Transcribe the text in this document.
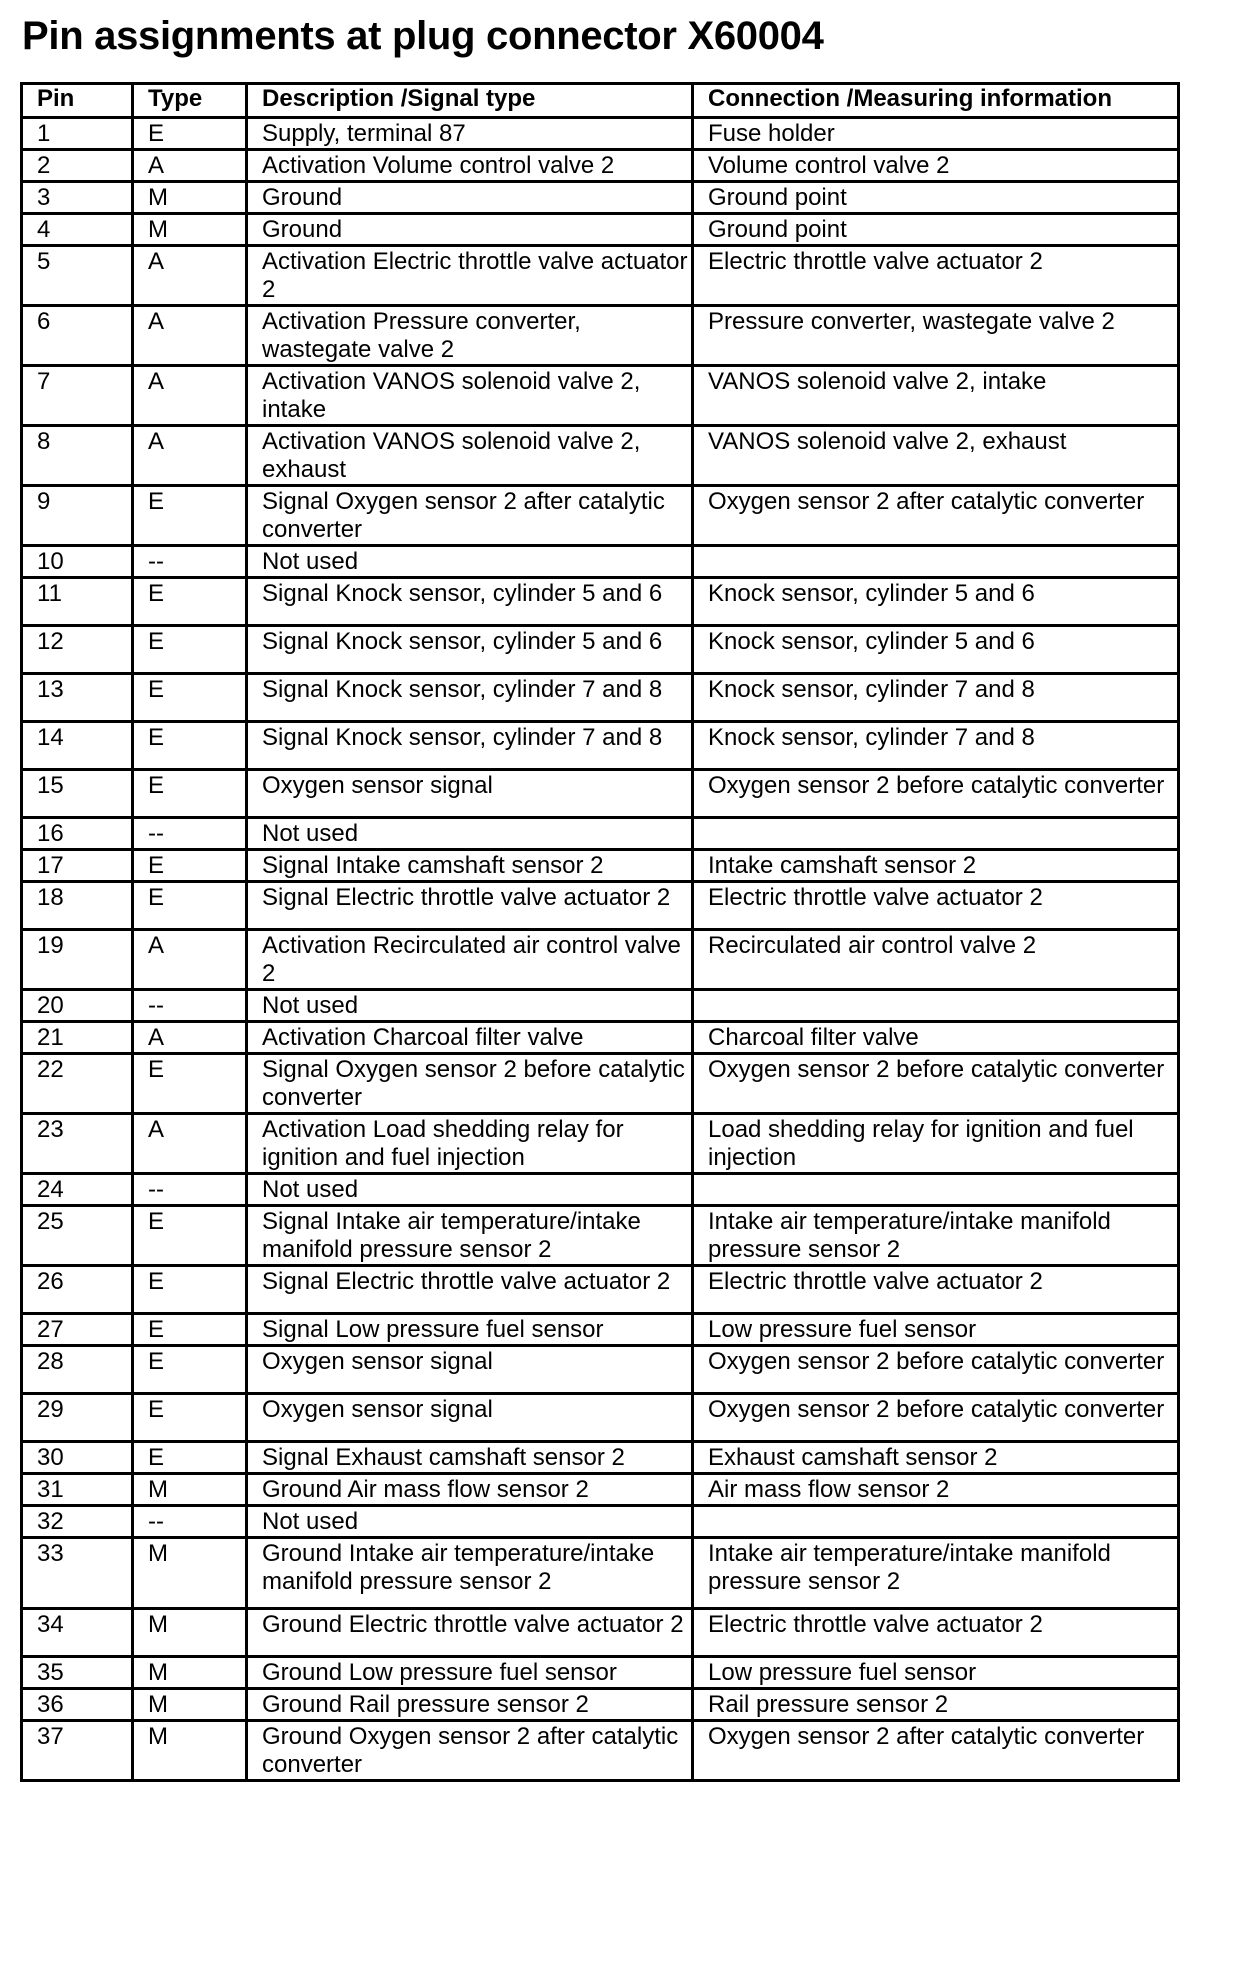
Pin assignments at plug connector X60004
Pin	Type	Description /Signal type	Connection /Measuring information
1	E	Supply, terminal 87	Fuse holder
2	A	Activation Volume control valve 2	Volume control valve 2
3	M	Ground	Ground point
4	M	Ground	Ground point
5	A	Activation Electric throttle valve actuator 2	Electric throttle valve actuator 2
6	A	Activation Pressure converter, wastegate valve 2	Pressure converter, wastegate valve 2
7	A	Activation VANOS solenoid valve 2, intake	VANOS solenoid valve 2, intake
8	A	Activation VANOS solenoid valve 2, exhaust	VANOS solenoid valve 2, exhaust
9	E	Signal Oxygen sensor 2 after catalytic converter	Oxygen sensor 2 after catalytic converter
10	--	Not used	
11	E	Signal Knock sensor, cylinder 5 and 6	Knock sensor, cylinder 5 and 6
12	E	Signal Knock sensor, cylinder 5 and 6	Knock sensor, cylinder 5 and 6
13	E	Signal Knock sensor, cylinder 7 and 8	Knock sensor, cylinder 7 and 8
14	E	Signal Knock sensor, cylinder 7 and 8	Knock sensor, cylinder 7 and 8
15	E	Oxygen sensor signal	Oxygen sensor 2 before catalytic converter
16	--	Not used	
17	E	Signal Intake camshaft sensor 2	Intake camshaft sensor 2
18	E	Signal Electric throttle valve actuator 2	Electric throttle valve actuator 2
19	A	Activation Recirculated air control valve 2	Recirculated air control valve 2
20	--	Not used	
21	A	Activation Charcoal filter valve	Charcoal filter valve
22	E	Signal Oxygen sensor 2 before catalytic converter	Oxygen sensor 2 before catalytic converter
23	A	Activation Load shedding relay for ignition and fuel injection	Load shedding relay for ignition and fuel injection
24	--	Not used	
25	E	Signal Intake air temperature/intake manifold pressure sensor 2	Intake air temperature/intake manifold pressure sensor 2
26	E	Signal Electric throttle valve actuator 2	Electric throttle valve actuator 2
27	E	Signal Low pressure fuel sensor	Low pressure fuel sensor
28	E	Oxygen sensor signal	Oxygen sensor 2 before catalytic converter
29	E	Oxygen sensor signal	Oxygen sensor 2 before catalytic converter
30	E	Signal Exhaust camshaft sensor 2	Exhaust camshaft sensor 2
31	M	Ground Air mass flow sensor 2	Air mass flow sensor 2
32	--	Not used	
33	M	Ground Intake air temperature/intake manifold pressure sensor 2	Intake air temperature/intake manifold pressure sensor 2
34	M	Ground Electric throttle valve actuator 2	Electric throttle valve actuator 2
35	M	Ground Low pressure fuel sensor	Low pressure fuel sensor
36	M	Ground Rail pressure sensor 2	Rail pressure sensor 2
37	M	Ground Oxygen sensor 2 after catalytic converter	Oxygen sensor 2 after catalytic converter
